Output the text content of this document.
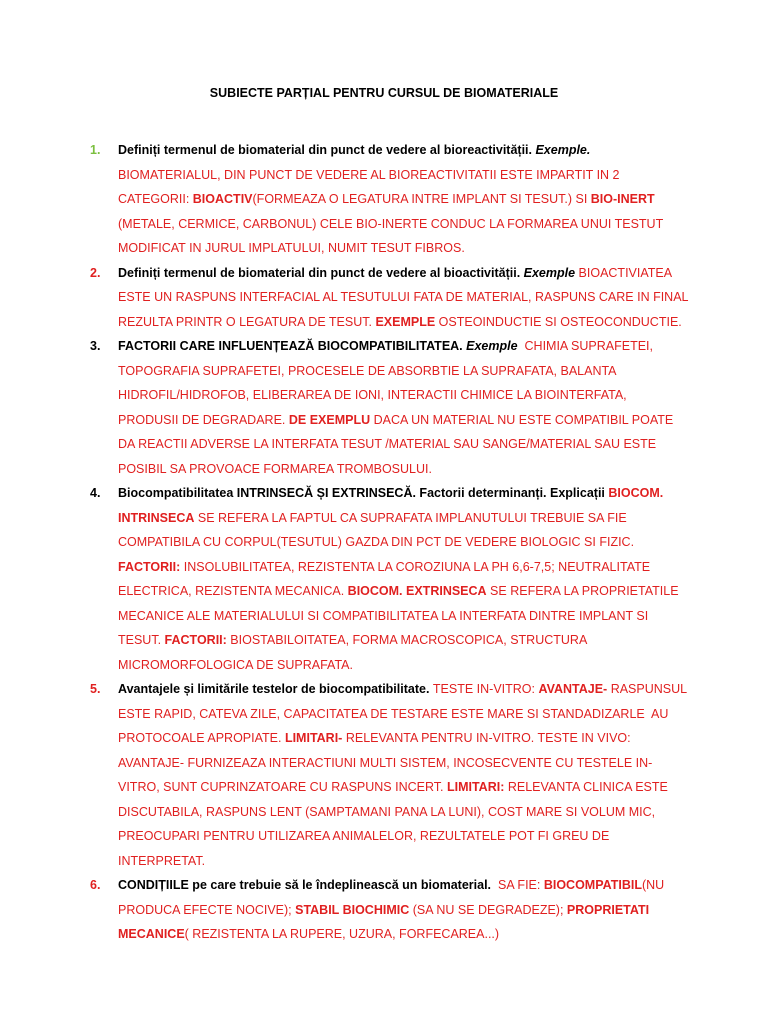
SUBIECTE PARȚIAL PENTRU CURSUL DE BIOMATERIALE
1. Definiți termenul de biomaterial din punct de vedere al bioreactivității. Exemple.
BIOMATERIALUL, DIN PUNCT DE VEDERE AL BIOREACTIVITATII ESTE IMPARTIT IN 2 CATEGORII: BIOACTIV(FORMEAZA O LEGATURA INTRE IMPLANT SI TESUT.) SI BIO-INERT (METALE, CERMICE, CARBONUL) CELE BIO-INERTE CONDUC LA FORMAREA UNUI TESTUT MODIFICAT IN JURUL IMPLATULUI, NUMIT TESUT FIBROS.
2. Definiți termenul de biomaterial din punct de vedere al bioactivității. Exemple BIOACTIVIATEA ESTE UN RASPUNS INTERFACIAL AL TESUTULUI FATA DE MATERIAL, RASPUNS CARE IN FINAL REZULTA PRINTR O LEGATURA DE TESUT. EXEMPLE OSTEOINDUCTIE SI OSTEOCONDUCTIE.
3. FACTORII CARE INFLUENȚEAZĂ BIOCOMPATIBILITATEA. Exemple  CHIMIA SUPRAFETEI, TOPOGRAFIA SUPRAFETEI, PROCESELE DE ABSORBTIE LA SUPRAFATA, BALANTA HIDROFIL/HIDROFOB, ELIBERAREA DE IONI, INTERACTII CHIMICE LA BIOINTERFATA, PRODUSII DE DEGRADARE. DE EXEMPLU DACA UN MATERIAL NU ESTE COMPATIBIL POATE DA REACTII ADVERSE LA INTERFATA TESUT /MATERIAL SAU SANGE/MATERIAL SAU ESTE POSIBIL SA PROVOACE FORMAREA TROMBOSULUI.
4. Biocompatibilitatea INTRINSECĂ ȘI EXTRINSECĂ. Factorii determinanți. Explicații BIOCOM. INTRINSECA SE REFERA LA FAPTUL CA SUPRAFATA IMPLANUTULUI TREBUIE SA FIE COMPATIBILA CU CORPUL(TESUTUL) GAZDA DIN PCT DE VEDERE BIOLOGIC SI FIZIC.  FACTORII: INSOLUBILITATEA, REZISTENTA LA COROZIUNA LA PH 6,6-7,5; NEUTRALITATE ELECTRICA, REZISTENTA MECANICA. BIOCOM. EXTRINSECA SE REFERA LA PROPRIETATILE MECANICE ALE MATERIALULUI SI COMPATIBILITATEA LA INTERFATA DINTRE IMPLANT SI TESUT. FACTORII: BIOSTABILOITATEA, FORMA MACROSCOPICA, STRUCTURA MICROMORFOLOGICA DE SUPRAFATA.
5. Avantajele și limitările testelor de biocompatibilitate. TESTE IN-VITRO: AVANTAJE- RASPUNSUL ESTE RAPID, CATEVA ZILE, CAPACITATEA DE TESTARE ESTE MARE SI STANDADIZARLE  AU PROTOCOALE APROPIATE. LIMITARI- RELEVANTA PENTRU IN-VITRO. TESTE IN VIVO: AVANTAJE- FURNIZEAZA INTERACTIUNI MULTI SISTEM, INCOSECVENTE CU TESTELE IN-VITRO, SUNT CUPRINZATOARE CU RASPUNS INCERT. LIMITARI: RELEVANTA CLINICA ESTE DISCUTABILA, RASPUNS LENT (SAMPTAMANI PANA LA LUNI), COST MARE SI VOLUM MIC, PREOCUPARI PENTRU UTILIZAREA ANIMALELOR, REZULTATELE POT FI GREU DE INTERPRETAT.
6. CONDIȚIILE pe care trebuie să le îndeplinească un biomaterial.  SA FIE: BIOCOMPATIBIL(NU PRODUCA EFECTE NOCIVE); STABIL BIOCHIMIC (SA NU SE DEGRADEZE); PROPRIETATI MECANICE( REZISTENTA LA RUPERE, UZURA, FORFECAREA...)
